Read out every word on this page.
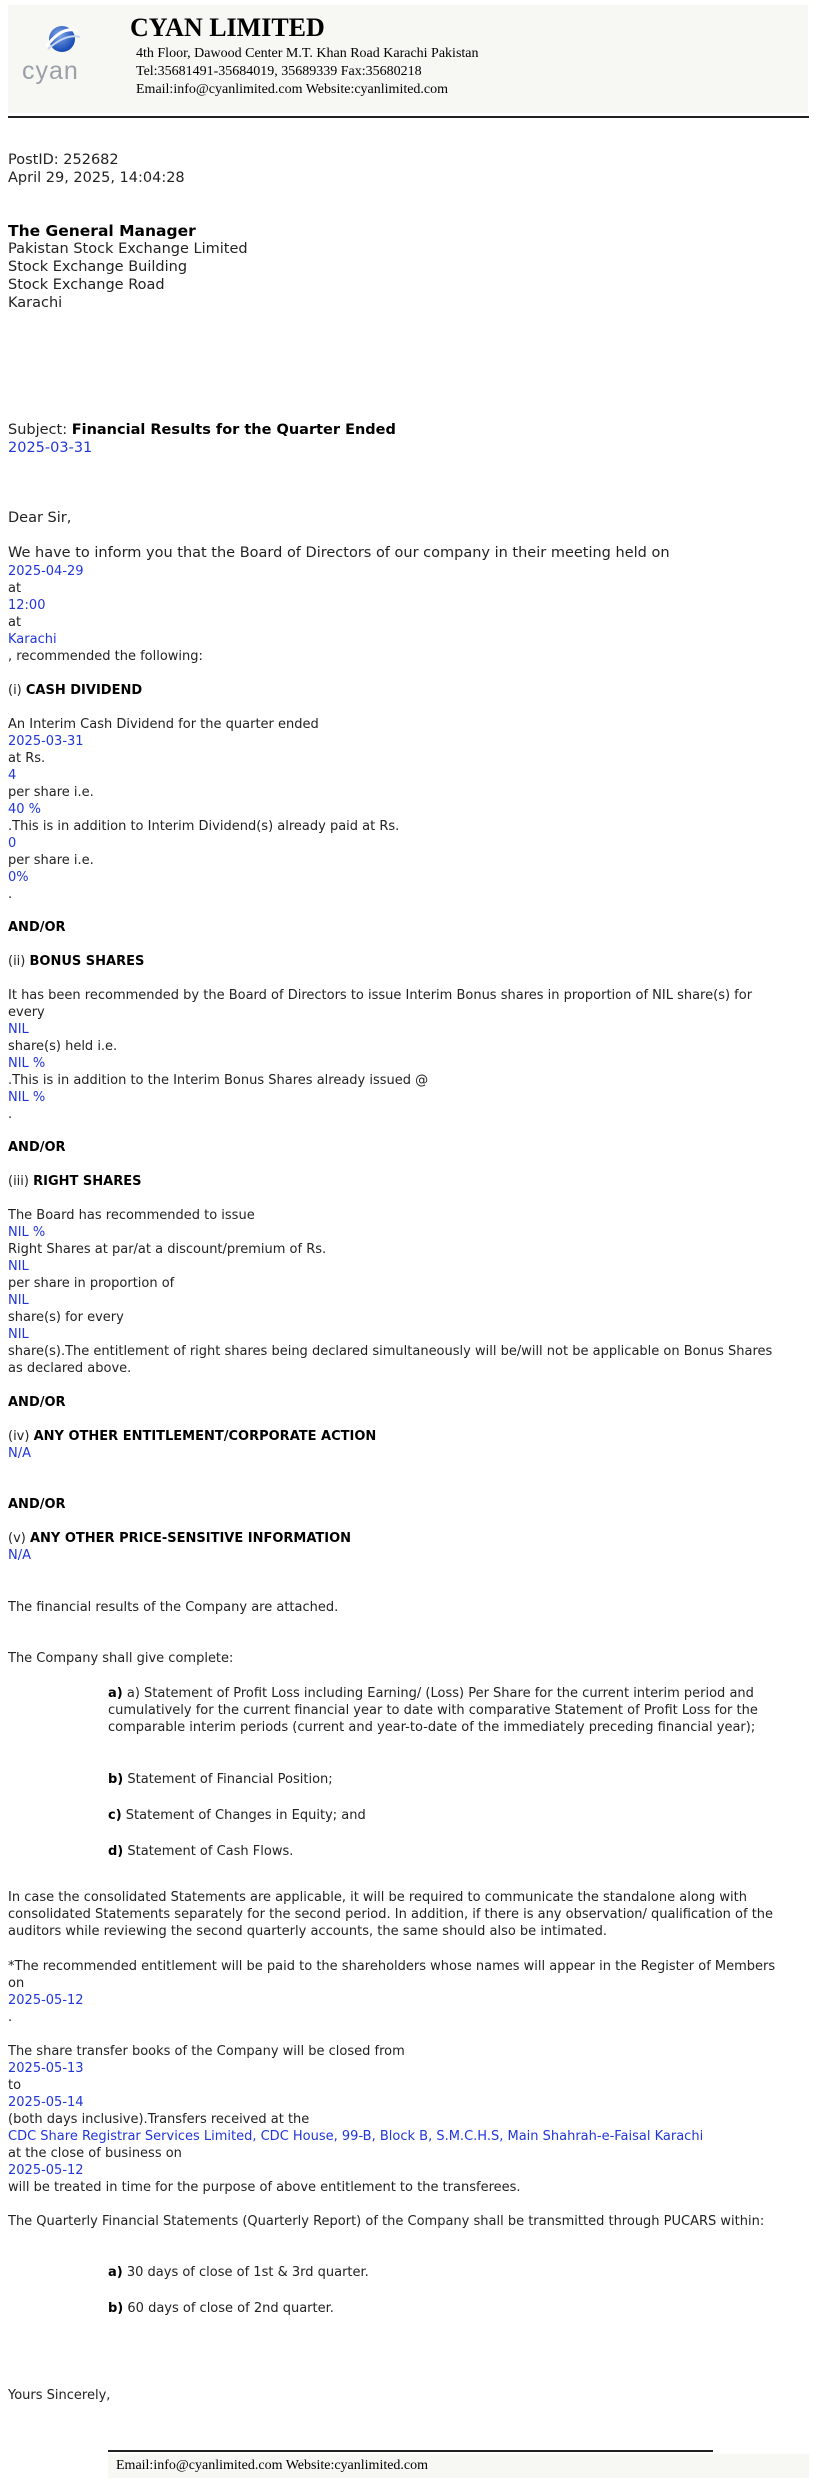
cyan
CYAN LIMITED
4th Floor, Dawood Center M.T. Khan Road Karachi Pakistan
Tel:35681491-35684019, 35689339 Fax:35680218
Email:info@cyanlimited.com Website:cyanlimited.com
PostID: 252682
April 29, 2025, 14:04:28
The General Manager
Pakistan Stock Exchange Limited
Stock Exchange Building
Stock Exchange Road
Karachi
Subject: Financial Results for the Quarter Ended
2025-03-31
Dear Sir,
We have to inform you that the Board of Directors of our company in their meeting held on
2025-04-29
at
12:00
at
Karachi
, recommended the following:
(i) CASH DIVIDEND
An Interim Cash Dividend for the quarter ended
2025-03-31
at Rs.
4
per share i.e.
40 %
.This is in addition to Interim Dividend(s) already paid at Rs.
0
per share i.e.
0%
.
AND/OR
(ii) BONUS SHARES
It has been recommended by the Board of Directors to issue Interim Bonus shares in proportion of NIL share(s) for every
NIL
share(s) held i.e.
NIL %
.This is in addition to the Interim Bonus Shares already issued @
NIL %
.
AND/OR
(iii) RIGHT SHARES
The Board has recommended to issue
NIL %
Right Shares at par/at a discount/premium of Rs.
NIL
per share in proportion of
NIL
share(s) for every
NIL
share(s).The entitlement of right shares being declared simultaneously will be/will not be applicable on Bonus Shares as declared above.
AND/OR
(iv) ANY OTHER ENTITLEMENT/CORPORATE ACTION
N/A
AND/OR
(v) ANY OTHER PRICE-SENSITIVE INFORMATION
N/A
The financial results of the Company are attached.
The Company shall give complete:
a) a) Statement of Profit Loss including Earning/ (Loss) Per Share for the current interim period and cumulatively for the current financial year to date with comparative Statement of Profit Loss for the comparable interim periods (current and year-to-date of the immediately preceding financial year);
b) Statement of Financial Position;
c) Statement of Changes in Equity; and
d) Statement of Cash Flows.
In case the consolidated Statements are applicable, it will be required to communicate the standalone along with consolidated Statements separately for the second period. In addition, if there is any observation/ qualification of the auditors while reviewing the second quarterly accounts, the same should also be intimated.
*The recommended entitlement will be paid to the shareholders whose names will appear in the Register of Members on
2025-05-12
.
The share transfer books of the Company will be closed from
2025-05-13
to
2025-05-14
(both days inclusive).Transfers received at the
CDC Share Registrar Services Limited, CDC House, 99-B, Block B, S.M.C.H.S, Main Shahrah-e-Faisal Karachi
at the close of business on
2025-05-12
will be treated in time for the purpose of above entitlement to the transferees.
The Quarterly Financial Statements (Quarterly Report) of the Company shall be transmitted through PUCARS within:
a) 30 days of close of 1st & 3rd quarter.
b) 60 days of close of 2nd quarter.
Yours Sincerely,
Email:info@cyanlimited.com Website:cyanlimited.com
